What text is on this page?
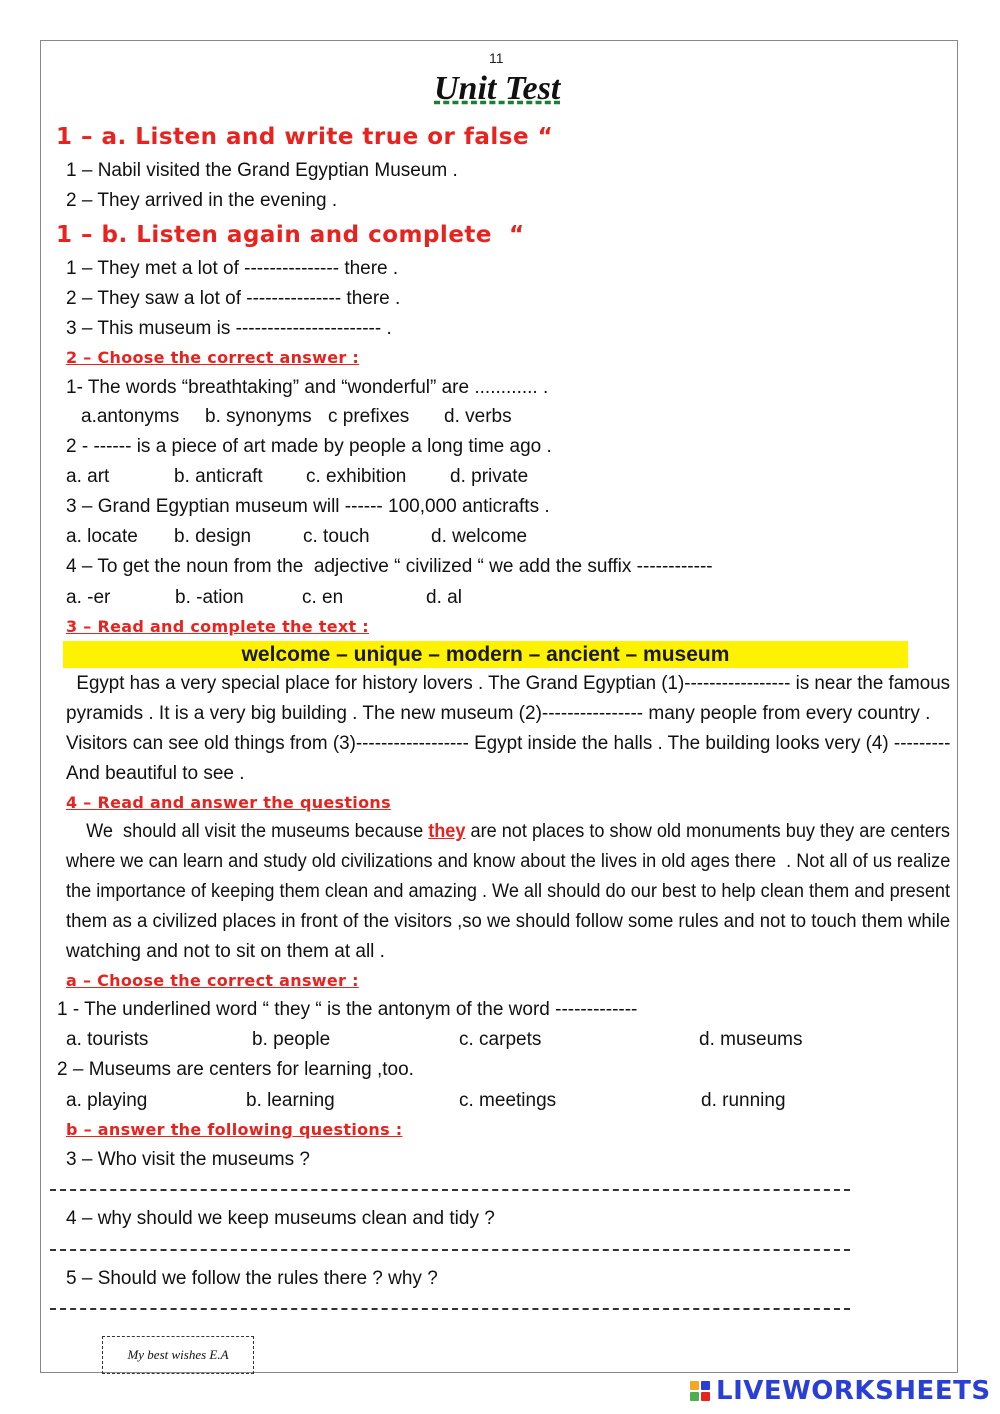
11
Unit Test
1 – a. Listen and write true or false “
1 – Nabil visited the Grand Egyptian Museum .
2 – They arrived in the evening .
1 – b. Listen again and complete  “
1 – They met a lot of --------------- there .
2 – They saw a lot of --------------- there .
3 – This museum is ----------------------- .
2 – Choose the correct answer :
1- The words “breathtaking” and “wonderful” are ............ .
a.antonyms b. synonyms c prefixes d. verbs
2 - ------ is a piece of art made by people a long time ago .
a. art	b. anticraft c. exhibition d. private
3 – Grand Egyptian museum will ------ 100,000 anticrafts .
a. locate b. design	c. touch	d. welcome
4 – To get the noun from the  adjective “ civilized “ we add the suffix ------------
a. -er	b. -ation	c. en	d. al
3 – Read and complete the text :
welcome – unique – modern – ancient – museum
Egypt has a very special place for history lovers . The Grand Egyptian (1)----------------- is near the famous
pyramids . It is a very big building . The new museum (2)---------------- many people from every country .
Visitors can see old things from (3)------------------ Egypt inside the halls . The building looks very (4) ---------
And beautiful to see .
4 – Read and answer the questions
We  should all visit the museums because they are not places to show old monuments buy they are centers
where we can learn and study old civilizations and know about the lives in old ages there  . Not all of us realize
the importance of keeping them clean and amazing . We all should do our best to help clean them and present
them as a civilized places in front of the visitors ,so we should follow some rules and not to touch them while
watching and not to sit on them at all .
a – Choose the correct answer :
1 - The underlined word “ they “ is the antonym of the word -------------
a. tourists	b. people	c. carpets	d. museums
2 – Museums are centers for learning ,too.
a. playing	b. learning	c. meetings	d. running
b – answer the following questions :
3 – Who visit the museums ?
4 – why should we keep museums clean and tidy ?
5 – Should we follow the rules there ? why ?
My best wishes E.A
LIVEWORKSHEETS
